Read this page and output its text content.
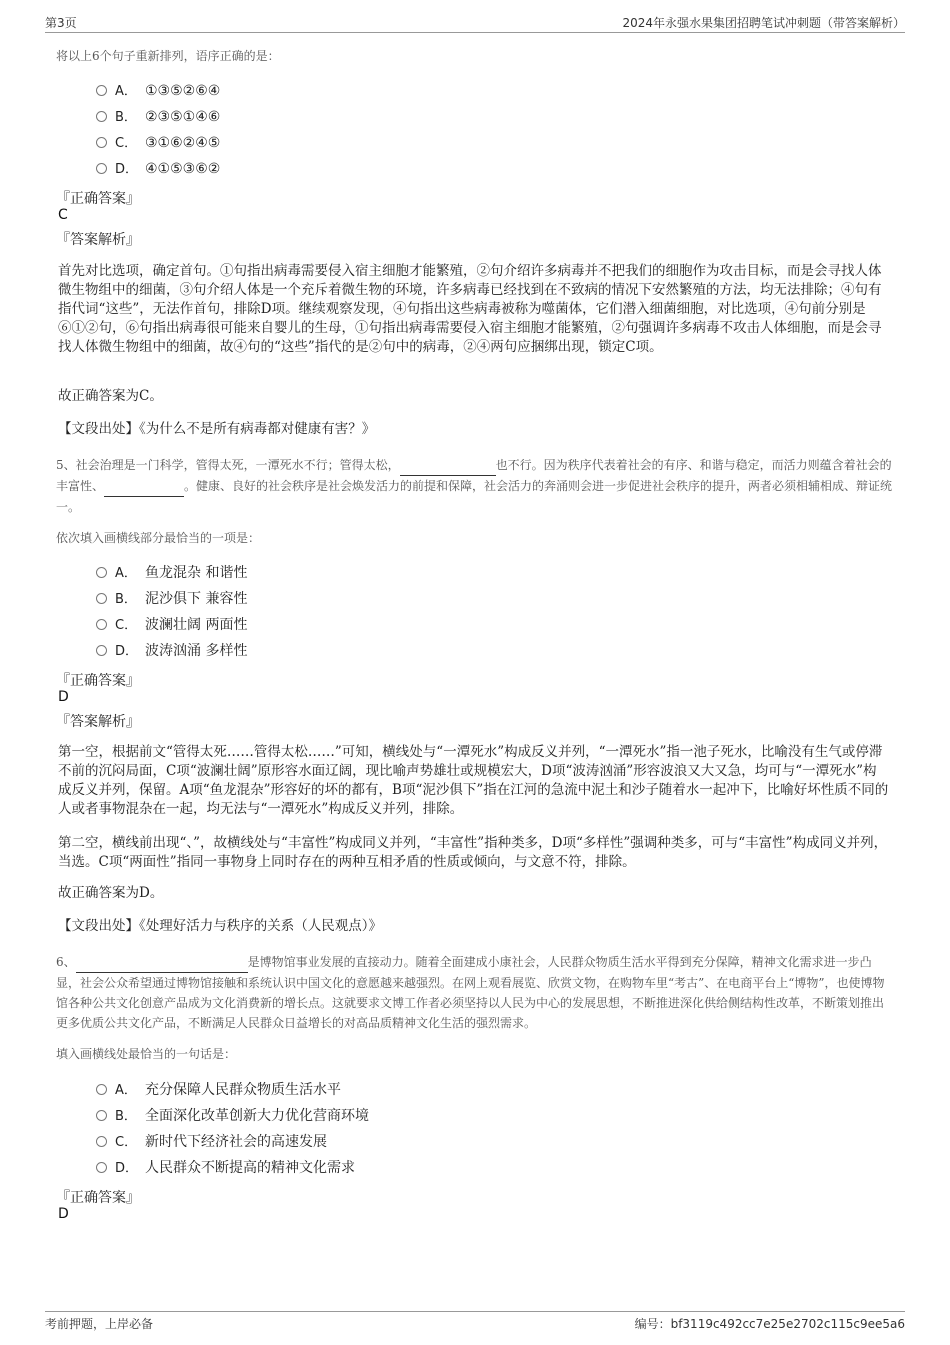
第3页	2024年永强水果集团招聘笔试冲刺题（带答案解析）
将以上6个句子重新排列，语序正确的是：
A． ①③⑤②⑥④
B． ②③⑤①④⑥
C． ③①⑥②④⑤
D． ④①⑤③⑥②
『正确答案』
C
『答案解析』
首先对比选项，确定首句。①句指出病毒需要侵入宿主细胞才能繁殖，②句介绍许多病毒并不把我们的细胞作为攻击目标，而是会寻找人体微生物组中的细菌，③句介绍人体是一个充斥着微生物的环境，许多病毒已经找到在不致病的情况下安然繁殖的方法，均无法排除；④句有指代词“这些”，无法作首句，排除D项。继续观察发现，④句指出这些病毒被称为噬菌体，它们潜入细菌细胞，对比选项，④句前分别是⑥①②句，⑥句指出病毒很可能来自婴儿的生母，①句指出病毒需要侵入宿主细胞才能繁殖，②句强调许多病毒不攻击人体细胞，而是会寻找人体微生物组中的细菌，故④句的“这些”指代的是②句中的病毒，②④两句应捆绑出现，锁定C项。
故正确答案为C。
【文段出处】《为什么不是所有病毒都对健康有害？》
5、社会治理是一门科学，管得太死，一潭死水不行；管得太松，	也不行。因为秩序代表着社会的有序、和谐与稳定，而活力则蕴含着社会的丰富性、	。健康、良好的社会秩序是社会焕发活力的前提和保障，社会活力的奔涌则会进一步促进社会秩序的提升，两者必须相辅相成、辩证统一。
依次填入画横线部分最恰当的一项是：
A． 鱼龙混杂 和谐性
B． 泥沙俱下 兼容性
C． 波澜壮阔 两面性
D． 波涛汹涌 多样性
『正确答案』
D
『答案解析』
第一空，根据前文“管得太死……管得太松……”可知，横线处与“一潭死水”构成反义并列，“一潭死水”指一池子死水，比喻没有生气或停滞不前的沉闷局面，C项“波澜壮阔”原形容水面辽阔，现比喻声势雄壮或规模宏大，D项“波涛汹涌”形容波浪又大又急，均可与“一潭死水”构成反义并列，保留。A项“鱼龙混杂”形容好的坏的都有，B项“泥沙俱下”指在江河的急流中泥土和沙子随着水一起冲下，比喻好坏性质不同的人或者事物混杂在一起，均无法与“一潭死水”构成反义并列，排除。
第二空，横线前出现“、”，故横线处与“丰富性”构成同义并列，“丰富性”指种类多，D项“多样性”强调种类多，可与“丰富性”构成同义并列，当选。C项“两面性”指同一事物身上同时存在的两种互相矛盾的性质或倾向，与文意不符，排除。
故正确答案为D。
【文段出处】《处理好活力与秩序的关系（人民观点）》
6、	是博物馆事业发展的直接动力。随着全面建成小康社会，人民群众物质生活水平得到充分保障，精神文化需求进一步凸显，社会公众希望通过博物馆接触和系统认识中国文化的意愿越来越强烈。在网上观看展览、欣赏文物，在购物车里“考古”、在电商平台上“博物”，也使博物馆各种公共文化创意产品成为文化消费新的增长点。这就要求文博工作者必须坚持以人民为中心的发展思想，不断推进深化供给侧结构性改革，不断策划推出更多优质公共文化产品，不断满足人民群众日益增长的对高品质精神文化生活的强烈需求。
填入画横线处最恰当的一句话是：
A． 充分保障人民群众物质生活水平
B． 全面深化改革创新大力优化营商环境
C． 新时代下经济社会的高速发展
D． 人民群众不断提高的精神文化需求
『正确答案』
D
考前押题，上岸必备	编号：bf3119c492cc7e25e2702c115c9ee5a6
